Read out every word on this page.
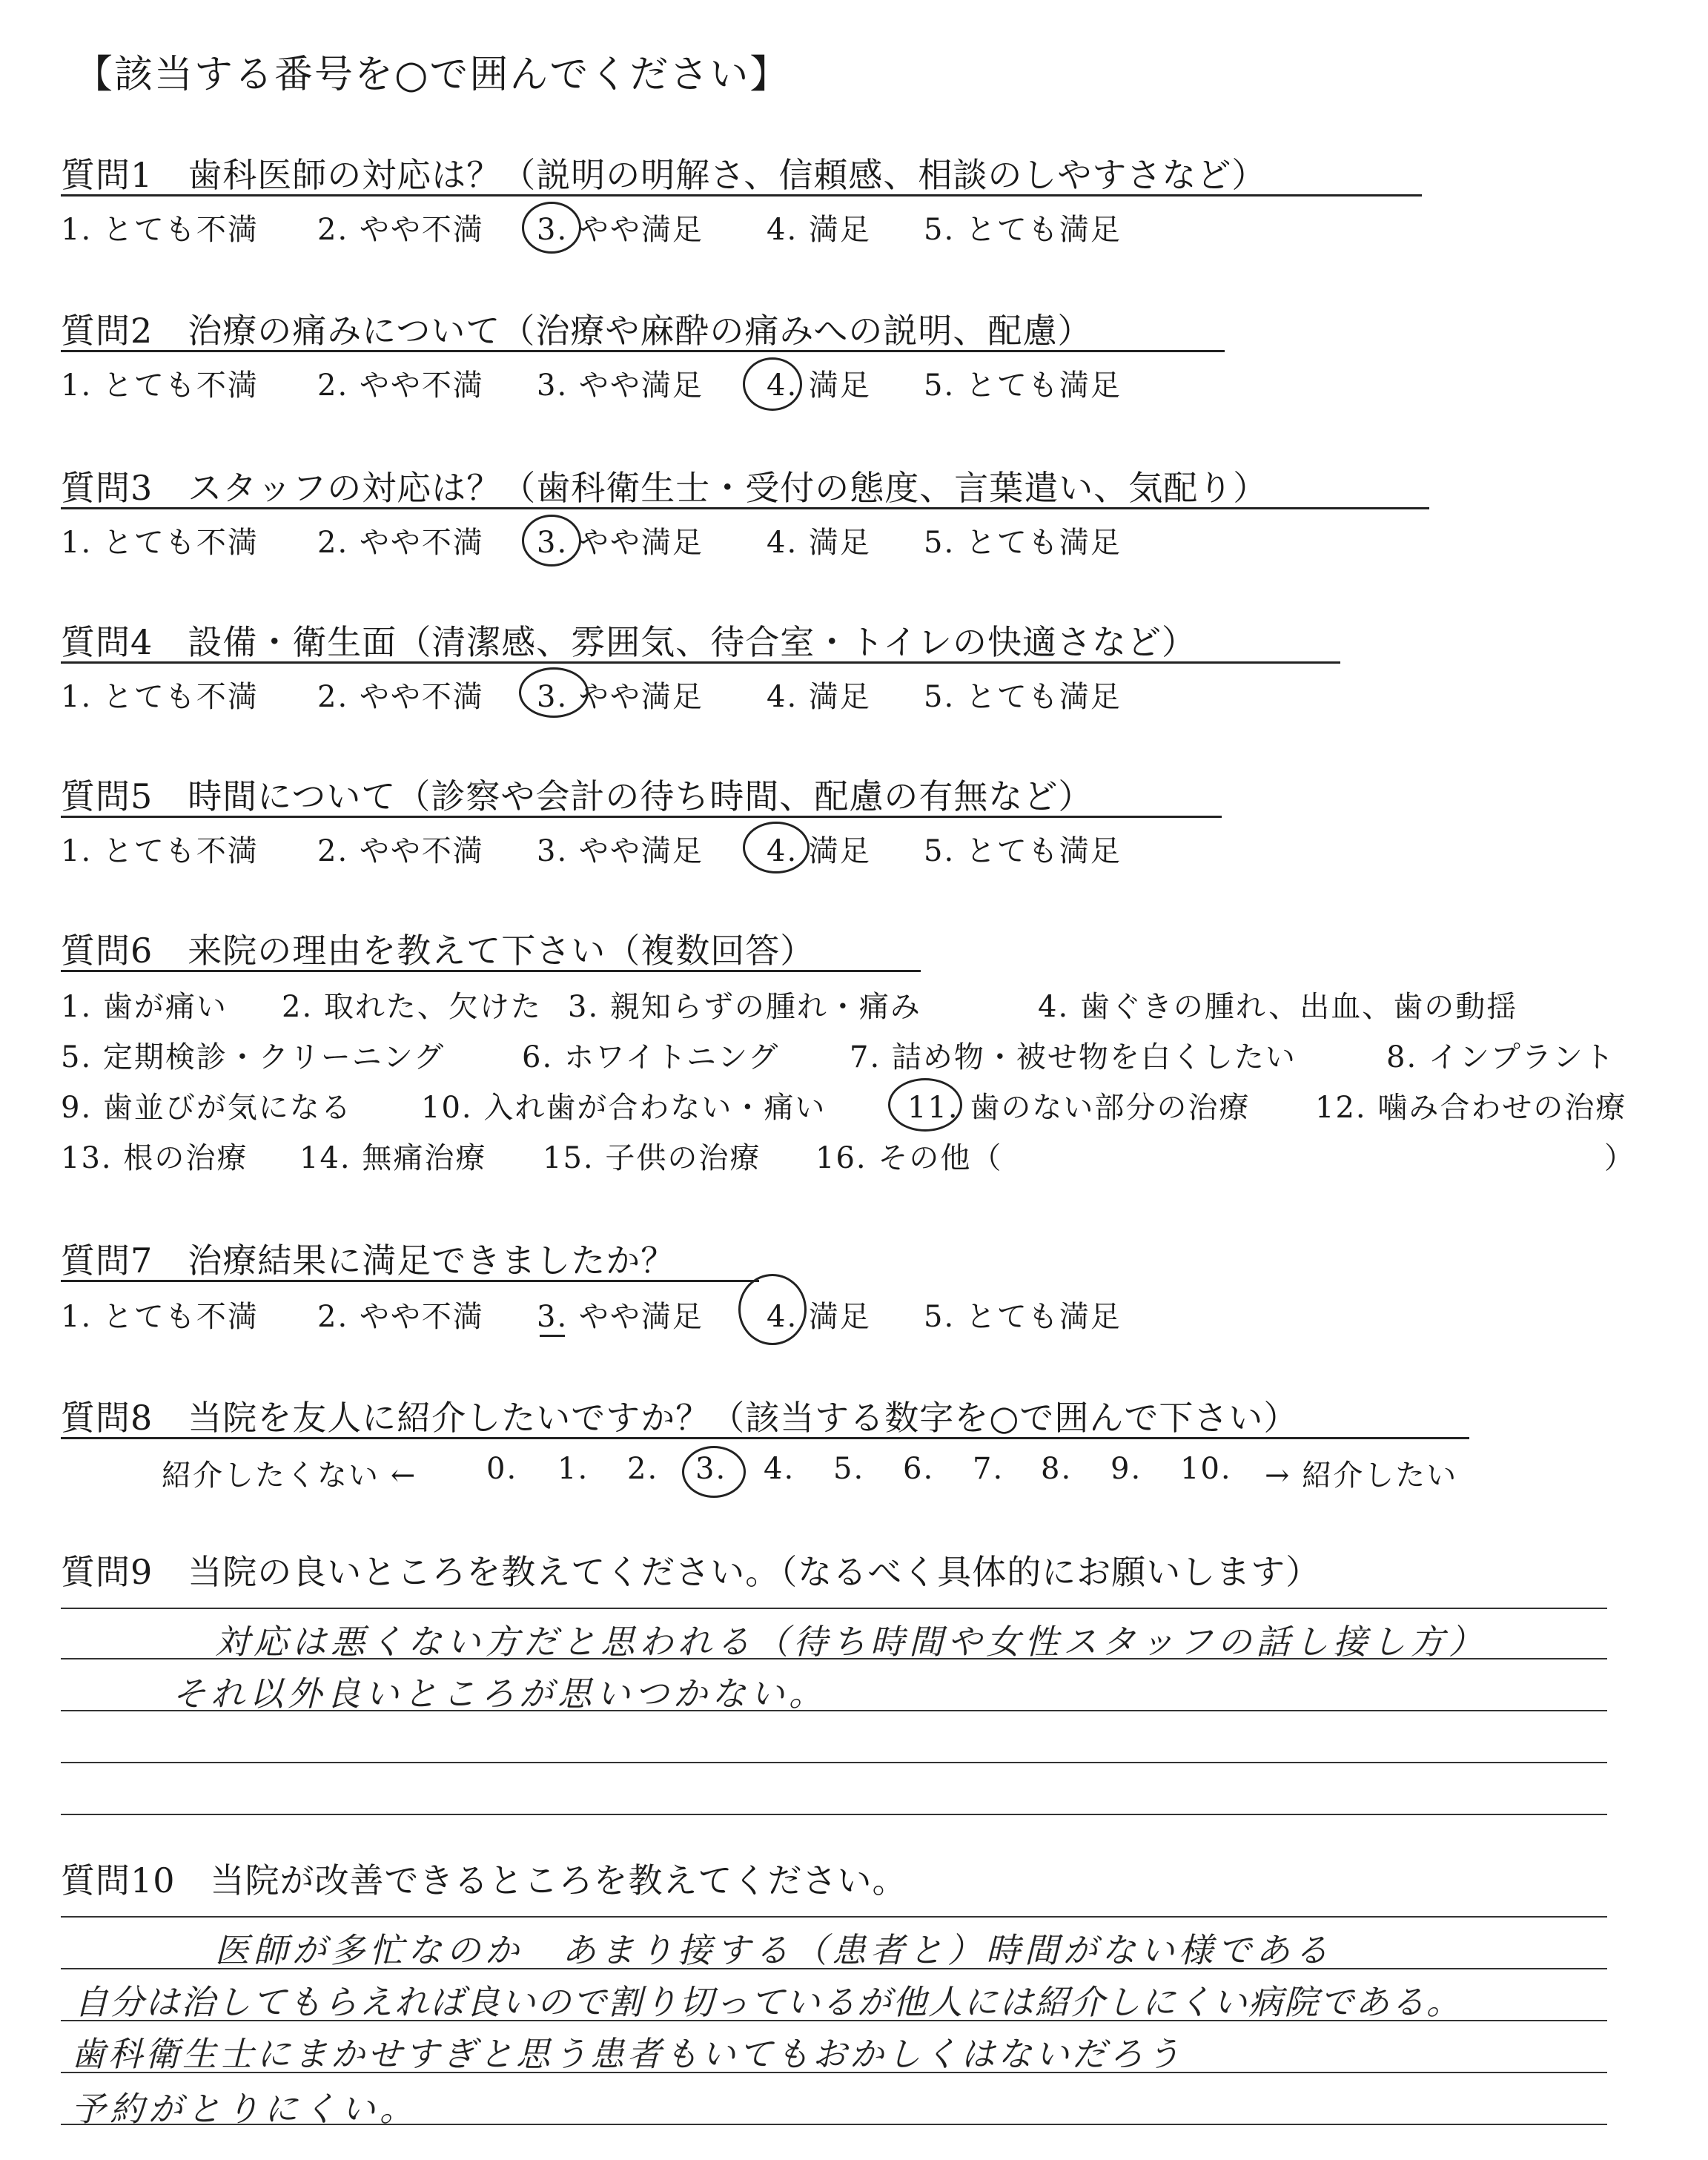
【該当する番号を○で囲んでください】
質問1　歯科医師の対応は？（説明の明解さ、信頼感、相談のしやすさなど）
1. とても不満 2. やや不満 3. やや満足 4. 満足 5. とても満足
質問2　治療の痛みについて（治療や麻酔の痛みへの説明、配慮）
1. とても不満 2. やや不満 3. やや満足 4. 満足 5. とても満足
質問3　スタッフの対応は？（歯科衛生士・受付の態度、言葉遣い、気配り）
1. とても不満 2. やや不満 3. やや満足 4. 満足 5. とても満足
質問4　設備・衛生面（清潔感、雰囲気、待合室・トイレの快適さなど）
1. とても不満 2. やや不満 3. やや満足 4. 満足 5. とても満足
質問5　時間について（診察や会計の待ち時間、配慮の有無など）
1. とても不満 2. やや不満 3. やや満足 4. 満足 5. とても満足
質問6　来院の理由を教えて下さい（複数回答）
1. 歯が痛い 2. 取れた、欠けた 3. 親知らずの腫れ・痛み	4. 歯ぐきの腫れ、出血、歯の動揺
5. 定期検診・クリーニング	6. ホワイトニング 7. 詰め物・被せ物を白くしたい	8. インプラント
9. 歯並びが気になる 10. 入れ歯が合わない・痛い	11. 歯のない部分の治療 12. 噛み合わせの治療
13. 根の治療 14. 無痛治療 15. 子供の治療 16. その他（	）
質問7　治療結果に満足できましたか？
1. とても不満 2. やや不満 3. やや満足 4. 満足 5. とても満足
質問8　当院を友人に紹介したいですか？（該当する数字を○で囲んで下さい）
紹介したくない ← 0. 1. 2. 3. 4. 5. 6. 7. 8. 9. 10. → 紹介したい
質問9　当院の良いところを教えてください。（なるべく具体的にお願いします）
対応は悪くない方だと思われる（待ち時間や女性スタッフの話し接し方）
それ以外良いところが思いつかない。
質問10　当院が改善できるところを教えてください。
医師が多忙なのか　あまり接する（患者と）時間がない様である
自分は治してもらえれば良いので割り切っているが他人には紹介しにくい病院である。
歯科衛生士にまかせすぎと思う患者もいてもおかしくはないだろう
予約がとりにくい。
